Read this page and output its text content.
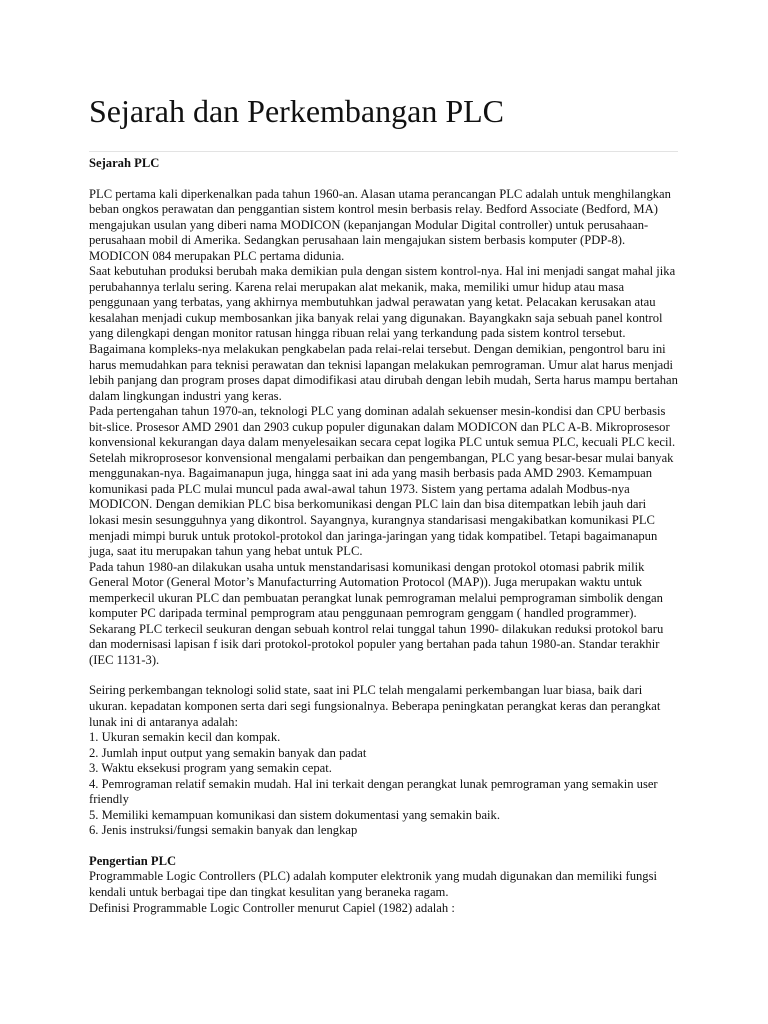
Sejarah dan Perkembangan PLC
Sejarah PLC

PLC pertama kali diperkenalkan pada tahun 1960-an. Alasan utama perancangan PLC adalah untuk menghilangkan beban ongkos perawatan dan penggantian sistem kontrol mesin berbasis relay. Bedford Associate (Bedford, MA) mengajukan usulan yang diberi nama MODICON (kepanjangan Modular Digital controller) untuk perusahaan-perusahaan mobil di Amerika. Sedangkan perusahaan lain mengajukan sistem berbasis komputer (PDP-8). MODICON 084 merupakan PLC pertama didunia.

Saat kebutuhan produksi berubah maka demikian pula dengan sistem kontrol-nya. Hal ini menjadi sangat mahal jika perubahannya terlalu sering. Karena relai merupakan alat mekanik, maka, memiliki umur hidup atau masa penggunaan yang terbatas, yang akhirnya membutuhkan jadwal perawatan yang ketat. Pelacakan kerusakan atau kesalahan menjadi cukup membosankan jika banyak relai yang digunakan. Bayangkakn saja sebuah panel kontrol yang dilengkapi dengan monitor ratusan hingga ribuan relai yang terkandung pada sistem kontrol tersebut. Bagaimana kompleks-nya melakukan pengkabelan pada relai-relai tersebut. Dengan demikian, pengontrol baru ini harus memudahkan para teknisi perawatan dan teknisi lapangan melakukan pemrograman. Umur alat harus menjadi lebih panjang dan program proses dapat dimodifikasi atau dirubah dengan lebih mudah, Serta harus mampu bertahan dalam lingkungan industri yang keras.

Pada pertengahan tahun 1970-an, teknologi PLC yang dominan adalah sekuenser mesin-kondisi dan CPU berbasis bit-slice. Prosesor AMD 2901 dan 2903 cukup populer digunakan dalam MODICON dan PLC A-B. Mikroprosesor konvensional kekurangan daya dalam menyelesaikan secara cepat logika PLC untuk semua PLC, kecuali PLC kecil. Setelah mikroprosesor konvensional mengalami perbaikan dan pengembangan, PLC yang besar-besar mulai banyak menggunakan-nya. Bagaimanapun juga, hingga saat ini ada yang masih berbasis pada AMD 2903. Kemampuan komunikasi pada PLC mulai muncul pada awal-awal tahun 1973. Sistem yang pertama adalah Modbus-nya MODICON. Dengan demikian PLC bisa berkomunikasi dengan PLC lain dan bisa ditempatkan lebih jauh dari lokasi mesin sesungguhnya yang dikontrol. Sayangnya, kurangnya standarisasi mengakibatkan komunikasi PLC menjadi mimpi buruk untuk protokol-protokol dan jaringa-jaringan yang tidak kompatibel. Tetapi bagaimanapun juga, saat itu merupakan tahun yang hebat untuk PLC.

Pada tahun 1980-an dilakukan usaha untuk menstandarisasi komunikasi dengan protokol otomasi pabrik milik General Motor (General Motor’s Manufacturring Automation Protocol (MAP)). Juga merupakan waktu untuk memperkecil ukuran PLC dan pembuatan perangkat lunak pemrograman melalui pemprograman simbolik dengan komputer PC daripada terminal pemprogram atau penggunaan pemrogram genggam ( handled programmer). Sekarang PLC terkecil seukuran dengan sebuah kontrol relai tunggal tahun 1990- dilakukan reduksi protokol baru dan modernisasi lapisan f isik dari protokol-protokol populer yang bertahan pada tahun 1980-an. Standar terakhir (IEC 1131-3).

Seiring perkembangan teknologi solid state, saat ini PLC telah mengalami perkembangan luar biasa, baik dari ukuran. kepadatan komponen serta dari segi fungsionalnya. Beberapa peningkatan perangkat keras dan perangkat lunak ini di antaranya adalah:

1. Ukuran semakin kecil dan kompak.
2. Jumlah input output yang semakin banyak dan padat
3. Waktu eksekusi program yang semakin cepat.
4. Pemrograman relatif semakin mudah. Hal ini terkait dengan perangkat lunak pemrograman yang semakin user friendly
5. Memiliki kemampuan komunikasi dan sistem dokumentasi yang semakin baik.
6. Jenis instruksi/fungsi semakin banyak dan lengkap
Pengertian PLC

Programmable Logic Controllers (PLC) adalah komputer elektronik yang mudah digunakan dan memiliki fungsi kendali untuk berbagai tipe dan tingkat kesulitan yang beraneka ragam.

Definisi Programmable Logic Controller menurut Capiel (1982) adalah :
